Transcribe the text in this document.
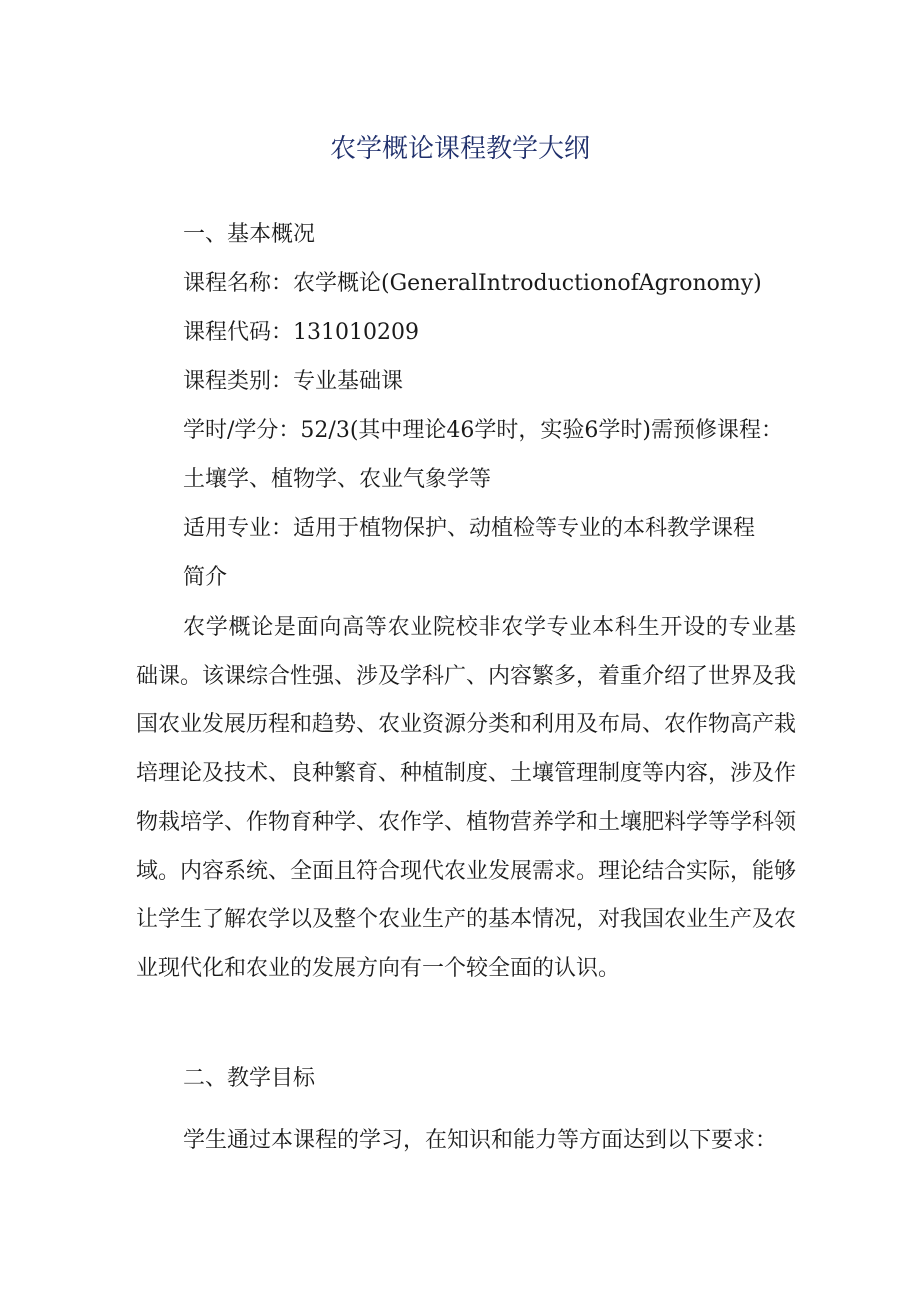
农学概论课程教学大纲
一、基本概况
课程名称：农学概论(GeneralIntroductionofAgronomy)
课程代码：131010209
课程类别：专业基础课
学时/学分：52/3(其中理论46学时，实验6学时)需预修课程：
土壤学、植物学、农业气象学等
适用专业：适用于植物保护、动植检等专业的本科教学课程
简介

农学概论是面向高等农业院校非农学专业本科生开设的专业基础课。该课综合性强、涉及学科广、内容繁多，着重介绍了世界及我国农业发展历程和趋势、农业资源分类和利用及布局、农作物高产栽培理论及技术、良种繁育、种植制度、土壤管理制度等内容，涉及作物栽培学、作物育种学、农作学、植物营养学和土壤肥料学等学科领域。内容系统、全面且符合现代农业发展需求。理论结合实际，能够让学生了解农学以及整个农业生产的基本情况，对我国农业生产及农业现代化和农业的发展方向有一个较全面的认识。

二、教学目标
学生通过本课程的学习，在知识和能力等方面达到以下要求：
